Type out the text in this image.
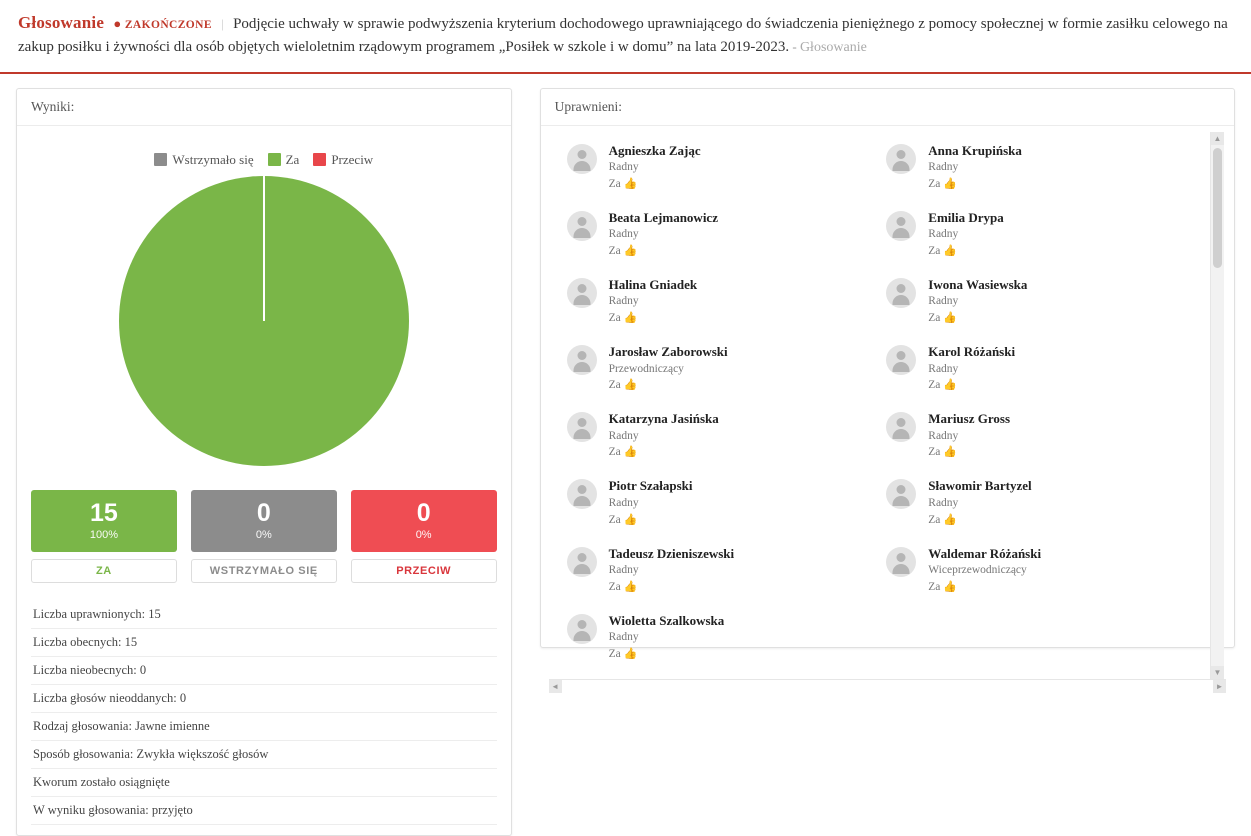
Głosowanie ● ZAKOŃCZONE | Podjęcie uchwały w sprawie podwyższenia kryterium dochodowego uprawniającego do świadczenia pieniężnego z pomocy społecznej w formie zasiłku celowego na zakup posiłku i żywności dla osób objętych wieloletnim rządowym programem „Posiłek w szkole i w domu” na lata 2019-2023. - Głosowanie
Wyniki:
Wstrzymało się Za Przeciw
15
100%
ZA
0
0%
WSTRZYMAŁO SIĘ
0
0%
PRZECIW
Liczba uprawnionych: 15
Liczba obecnych: 15
Liczba nieobecnych: 0
Liczba głosów nieoddanych: 0
Rodzaj głosowania: Jawne imienne
Sposób głosowania: Zwykła większość głosów
Kworum zostało osiągnięte
W wyniku głosowania: przyjęto
Uprawnieni:
Agnieszka Zając
Radny
Za 👍
Beata Lejmanowicz
Radny
Za 👍
Halina Gniadek
Radny
Za 👍
Jarosław Zaborowski
Przewodniczący
Za 👍
Katarzyna Jasińska
Radny
Za 👍
Piotr Szałapski
Radny
Za 👍
Tadeusz Dzieniszewski
Radny
Za 👍
Wioletta Szalkowska
Radny
Za 👍
Anna Krupińska
Radny
Za 👍
Emilia Drypa
Radny
Za 👍
Iwona Wasiewska
Radny
Za 👍
Karol Różański
Radny
Za 👍
Mariusz Gross
Radny
Za 👍
Sławomir Bartyzel
Radny
Za 👍
Waldemar Różański
Wiceprzewodniczący
Za 👍
▲
▼
◄	►
